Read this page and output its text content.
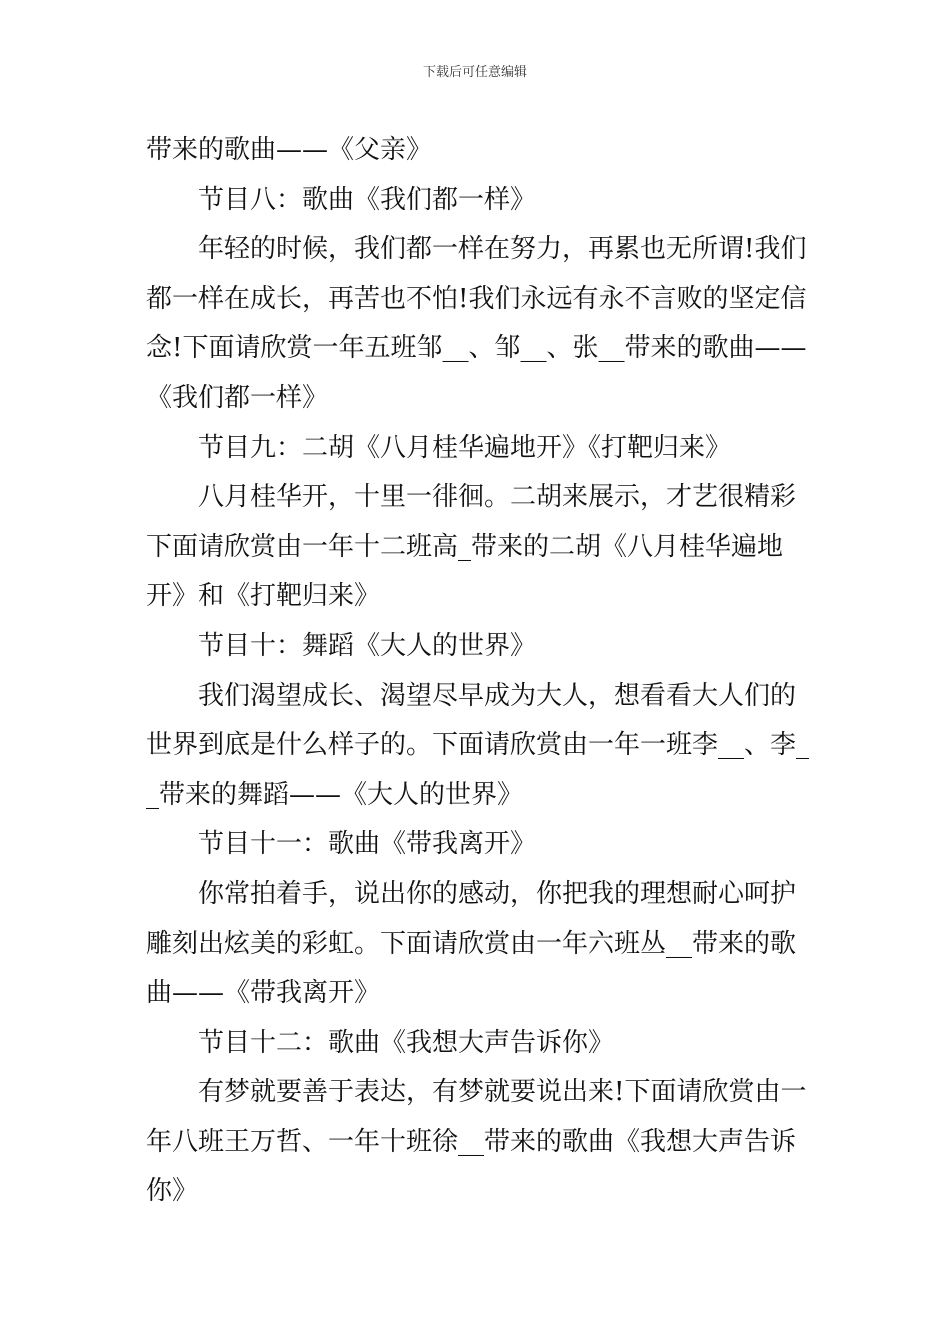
下载后可任意编辑
带来的歌曲——《父亲》
节目八：歌曲《我们都一样》
年轻的时候，我们都一样在努力，再累也无所谓!我们
都一样在成长，再苦也不怕!我们永远有永不言败的坚定信
念!下面请欣赏一年五班邹__、邹__、张__带来的歌曲——
《我们都一样》
节目九：二胡《八月桂华遍地开》《打靶归来》
八月桂华开，十里一徘徊。二胡来展示，才艺很精彩
下面请欣赏由一年十二班高_带来的二胡《八月桂华遍地
开》和《打靶归来》
节目十：舞蹈《大人的世界》
我们渴望成长、渴望尽早成为大人，想看看大人们的
世界到底是什么样子的。下面请欣赏由一年一班李__、李_
_带来的舞蹈——《大人的世界》
节目十一：歌曲《带我离开》
你常拍着手，说出你的感动，你把我的理想耐心呵护
雕刻出炫美的彩虹。下面请欣赏由一年六班丛__带来的歌
曲——《带我离开》
节目十二：歌曲《我想大声告诉你》
有梦就要善于表达，有梦就要说出来!下面请欣赏由一
年八班王万哲、一年十班徐__带来的歌曲《我想大声告诉
你》
